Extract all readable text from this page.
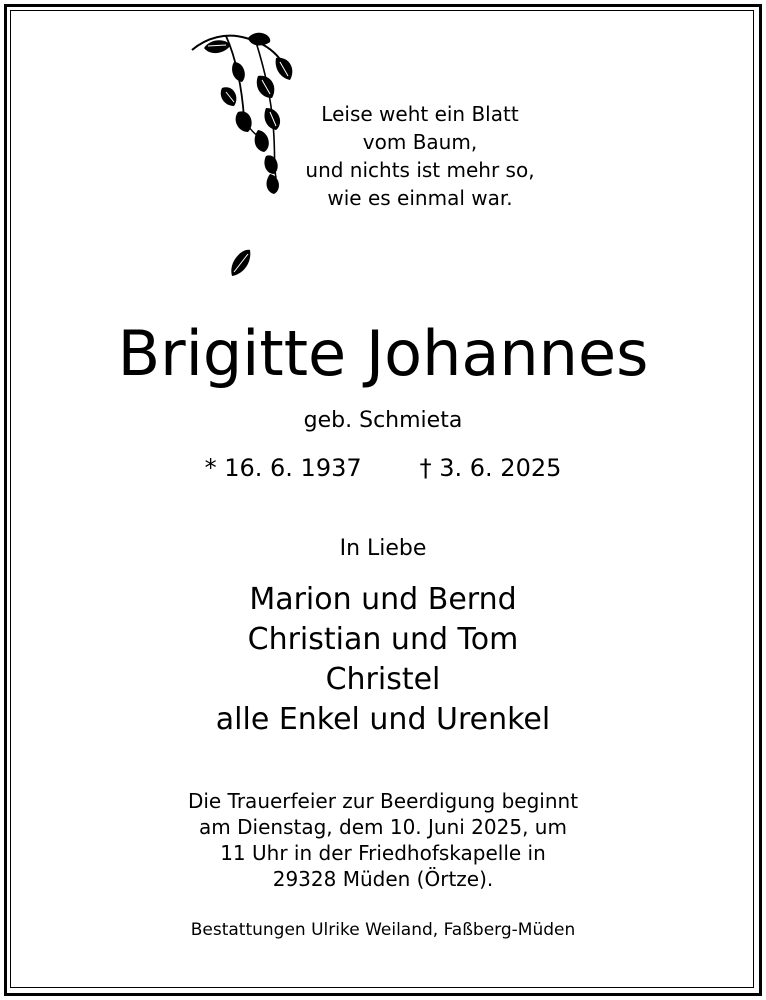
Leise weht ein Blatt
vom Baum,
und nichts ist mehr so,
wie es einmal war.
Brigitte Johannes
geb. Schmieta
* 16. 6. 1937 † 3. 6. 2025
In Liebe
Marion und Bernd
Christian und Tom
Christel
alle Enkel und Urenkel
Die Trauerfeier zur Beerdigung beginnt
am Dienstag, dem 10. Juni 2025, um
11 Uhr in der Friedhofskapelle in
29328 Müden (Örtze).
Bestattungen Ulrike Weiland, Faßberg-Müden
